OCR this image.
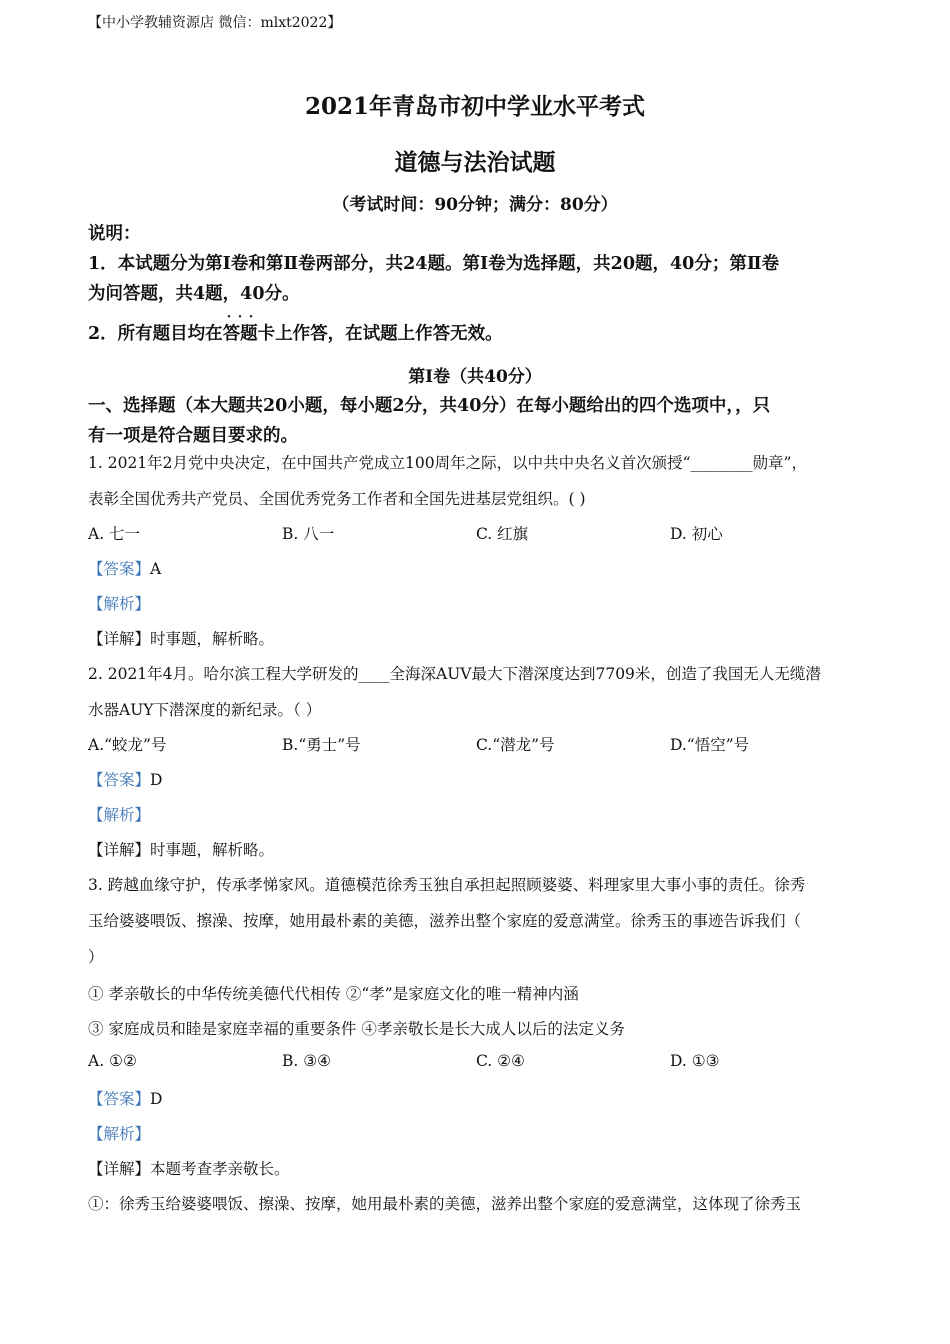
【中小学教辅资源店 微信：mlxt2022】
2021年青岛市初中学业水平考式
道德与法治试题
（考试时间：90分钟；满分：80分）
说明：
1．本试题分为第Ⅰ卷和第Ⅱ卷两部分，共24题。第Ⅰ卷为选择题，共20题，40分；第Ⅱ卷
为问答题，共4题，40分。
2．所有题目均在· · · 答题卡上作答，在试题上作答无效。
第I卷（共40分）
一、选择题（本大题共20小题，每小题2分，共40分）在每小题给出的四个选项中，，只
有一项是符合题目要求的。
1. 2021年2月党中央决定，在中国共产党成立100周年之际，以中共中央名义首次颁授“________勋章”，
表彰全国优秀共产党员、全国优秀党务工作者和全国先进基层党组织。( )
A. 七一	B. 八一	C. 红旗	D. 初心
【答案】A
【解析】
【详解】时事题，解析略。
2. 2021年4月。哈尔滨工程大学研发的____全海深AUV最大下潜深度达到7709米，创造了我国无人无缆潜
水器AUY下潜深度的新纪录。（ ）
A.“蛟龙”号	B.“勇士”号	C.“潜龙”号	D.“悟空”号
【答案】D
【解析】
【详解】时事题，解析略。
3. 跨越血缘守护，传承孝悌家风。道德模范徐秀玉独自承担起照顾婆婆、料理家里大事小事的责任。徐秀
玉给婆婆喂饭、擦澡、按摩，她用最朴素的美德，滋养出整个家庭的爱意满堂。徐秀玉的事迹告诉我们（
）
① 孝亲敬长的中华传统美德代代相传 ②“孝”是家庭文化的唯一精神内涵
③ 家庭成员和睦是家庭幸福的重要条件 ④孝亲敬长是长大成人以后的法定义务
A. ①②	B. ③④	C. ②④	D. ①③
【答案】D
【解析】
【详解】本题考查孝亲敬长。
①：徐秀玉给婆婆喂饭、擦澡、按摩，她用最朴素的美德，滋养出整个家庭的爱意满堂，这体现了徐秀玉
